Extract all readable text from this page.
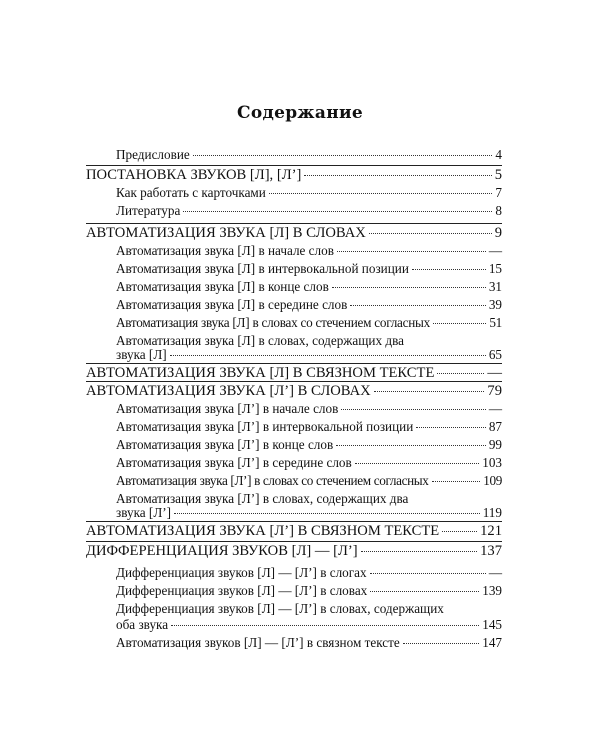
Содержание
Предисловие	4
ПОСТАНОВКА ЗВУКОВ [Л], [Л’]	5
Как работать с карточками	7
Литература	8
АВТОМАТИЗАЦИЯ ЗВУКА [Л] В СЛОВАХ	9
Автоматизация звука [Л] в начале слов	—
Автоматизация звука [Л] в интервокальной позиции	15
Автоматизация звука [Л] в конце слов	31
Автоматизация звука [Л] в середине слов	39
Автоматизация звука [Л] в словах со стечением согласных	51
Автоматизация звука [Л] в словах, содержащих два
звука [Л]	65
АВТОМАТИЗАЦИЯ ЗВУКА [Л] В СВЯЗНОМ ТЕКСТЕ	—
АВТОМАТИЗАЦИЯ ЗВУКА [Л’] В СЛОВАХ	79
Автоматизация звука [Л’] в начале слов	—
Автоматизация звука [Л’] в интервокальной позиции	87
Автоматизация звука [Л’] в конце слов	99
Автоматизация звука [Л’] в середине слов	103
Автоматизация звука [Л’] в словах со стечением согласных	109
Автоматизация звука [Л’] в словах, содержащих два
звука [Л’]	119
АВТОМАТИЗАЦИЯ ЗВУКА [Л’] В СВЯЗНОМ ТЕКСТЕ	121
ДИФФЕРЕНЦИАЦИЯ ЗВУКОВ [Л] — [Л’]	137
Дифференциация звуков [Л] — [Л’] в слогах	—
Дифференциация звуков [Л] — [Л’] в словах	139
Дифференциация звуков [Л] — [Л’] в словах, содержащих
оба звука	145
Автоматизация звуков [Л] — [Л’] в связном тексте	147
